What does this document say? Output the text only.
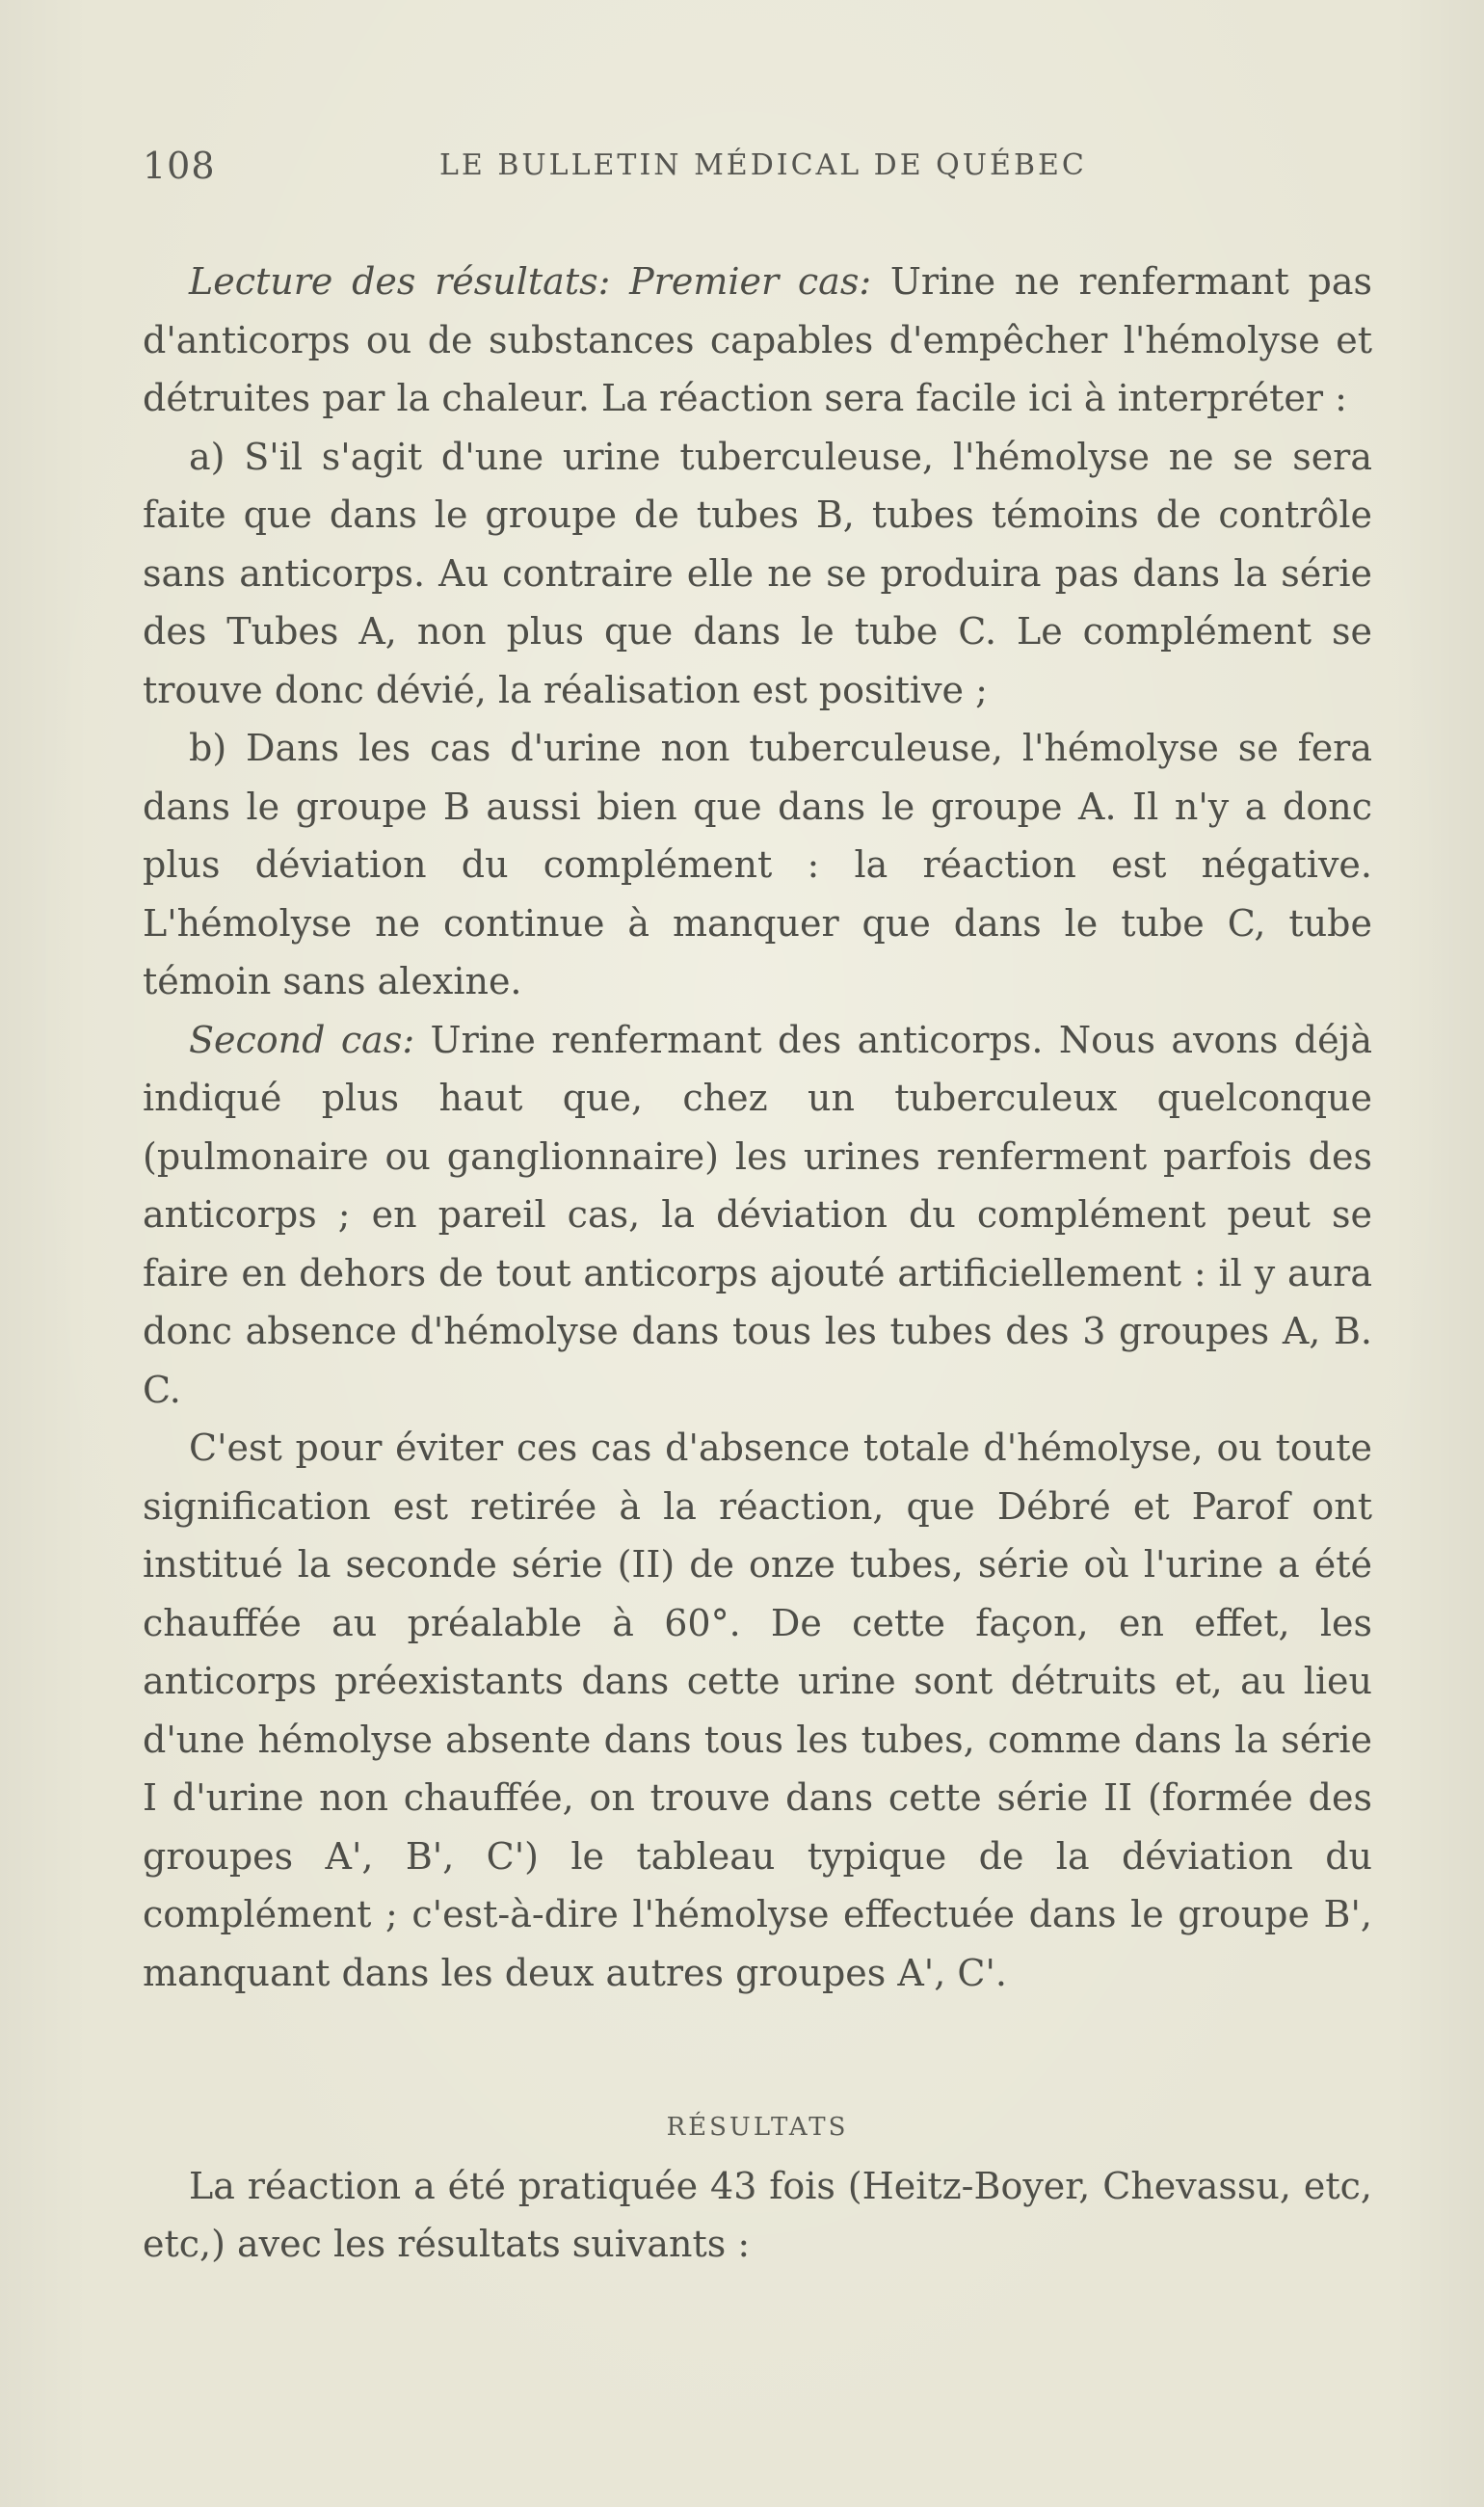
108	LE BULLETIN MÉDICAL DE QUÉBEC

Lecture des résultats: Premier cas: Urine ne renfermant pas d'anticorps ou de substances capables d'empêcher l'hémolyse et détruites par la chaleur. La réaction sera facile ici à interpréter :

a) S'il s'agit d'une urine tuberculeuse, l'hémolyse ne se sera faite que dans le groupe de tubes B, tubes témoins de contrôle sans anticorps. Au contraire elle ne se produira pas dans la série des Tubes A, non plus que dans le tube C. Le complément se trouve donc dévié, la réalisation est positive ;

b) Dans les cas d'urine non tuberculeuse, l'hémolyse se fera dans le groupe B aussi bien que dans le groupe A. Il n'y a donc plus déviation du complément : la réaction est négative. L'hémolyse ne continue à manquer que dans le tube C, tube témoin sans alexine.

Second cas: Urine renfermant des anticorps. Nous avons déjà indiqué plus haut que, chez un tuberculeux quelconque (pulmonaire ou ganglionnaire) les urines renferment parfois des anticorps ; en pareil cas, la déviation du complément peut se faire en dehors de tout anticorps ajouté artificiellement : il y aura donc absence d'hémolyse dans tous les tubes des 3 groupes A, B. C.

C'est pour éviter ces cas d'absence totale d'hémolyse, ou toute signification est retirée à la réaction, que Débré et Parof ont institué la seconde série (II) de onze tubes, série où l'urine a été chauffée au préalable à 60°. De cette façon, en effet, les anticorps préexistants dans cette urine sont détruits et, au lieu d'une hémolyse absente dans tous les tubes, comme dans la série I d'urine non chauffée, on trouve dans cette série II (formée des groupes A', B', C') le tableau typique de la déviation du complément ; c'est-à-dire l'hémolyse effectuée dans le groupe B', manquant dans les deux autres groupes A', C'.

RÉSULTATS

La réaction a été pratiquée 43 fois (Heitz-Boyer, Chevassu, etc, etc,) avec les résultats suivants :
